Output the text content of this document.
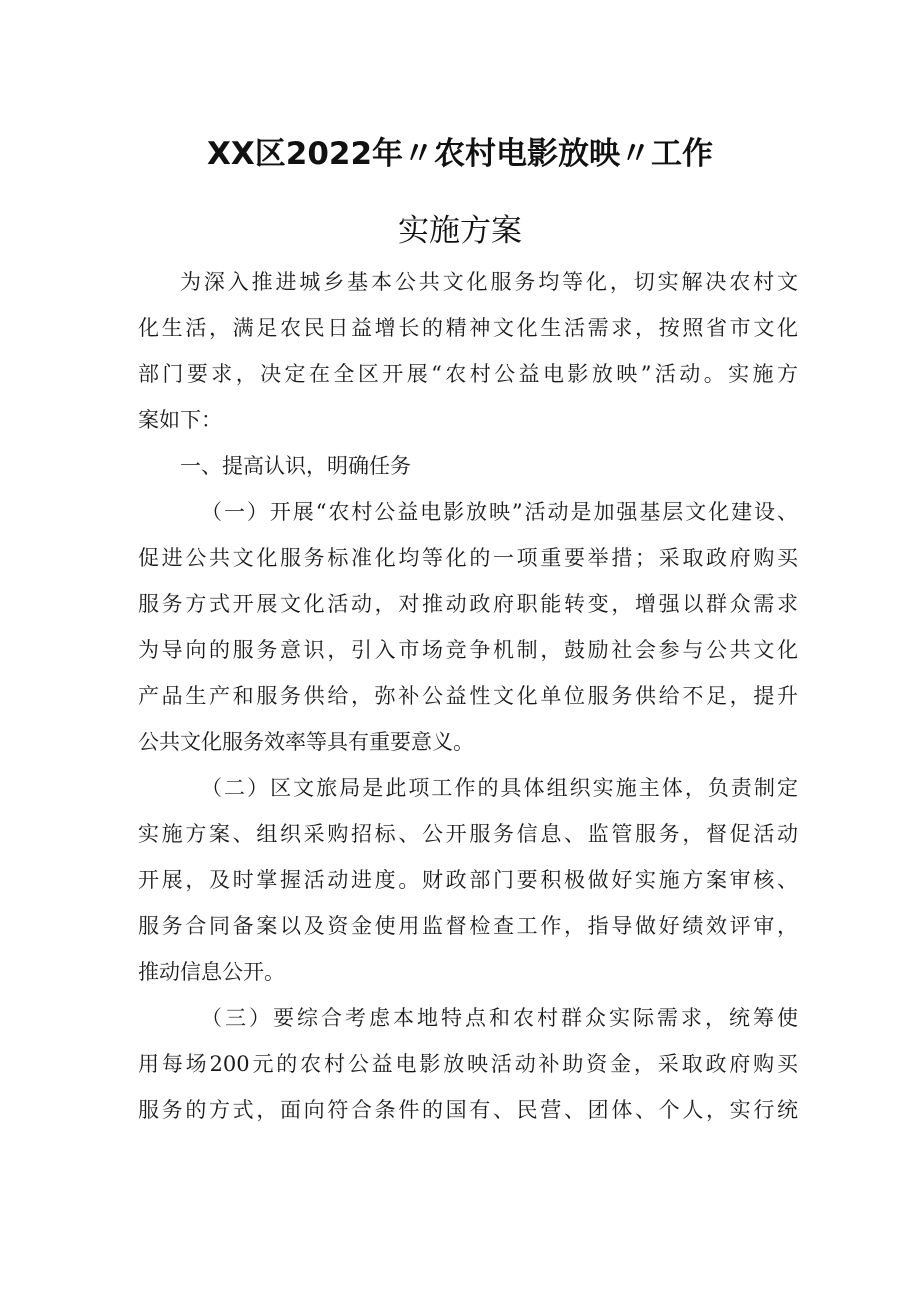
XX区2022年〃农村电影放映〃工作
实施方案
为深入推进城乡基本公共文化服务均等化，切实解决农村文
化生活，满足农民日益增长的精神文化生活需求，按照省市文化
部门要求，决定在全区开展“农村公益电影放映”活动。实施方
案如下：
一、提高认识，明确任务
（一）开展“农村公益电影放映”活动是加强基层文化建设、
促进公共文化服务标准化均等化的一项重要举措；采取政府购买
服务方式开展文化活动，对推动政府职能转变，增强以群众需求
为导向的服务意识，引入市场竞争机制，鼓励社会参与公共文化
产品生产和服务供给，弥补公益性文化单位服务供给不足，提升
公共文化服务效率等具有重要意义。
（二）区文旅局是此项工作的具体组织实施主体，负责制定
实施方案、组织采购招标、公开服务信息、监管服务，督促活动
开展，及时掌握活动进度。财政部门要积极做好实施方案审核、
服务合同备案以及资金使用监督检查工作，指导做好绩效评审，
推动信息公开。
（三）要综合考虑本地特点和农村群众实际需求，统筹使
用每场200元的农村公益电影放映活动补助资金，采取政府购买
服务的方式，面向符合条件的国有、民营、团体、个人，实行统
